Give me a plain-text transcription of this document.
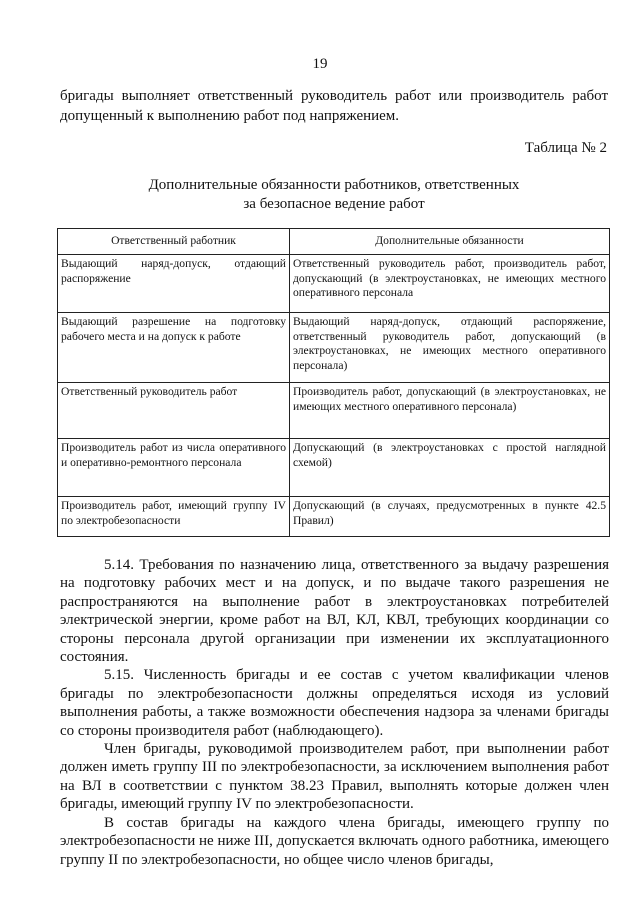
19
бригады выполняет ответственный руководитель работ или производитель работ допущенный к выполнению работ под напряжением.
Таблица № 2
Дополнительные обязанности работников, ответственных
за безопасное ведение работ
Ответственный работник	Дополнительные обязанности
Выдающий наряд-допуск, отдающий распоряжение	Ответственный руководитель работ, производитель работ, допускающий (в электроустановках, не имеющих местного оперативного персонала
Выдающий разрешение на подготовку рабочего места и на допуск к работе	Выдающий наряд-допуск, отдающий распоряжение, ответственный руководитель работ, допускающий (в электроустановках, не имеющих местного оперативного персонала)
Ответственный руководитель работ	Производитель работ, допускающий (в электроустановках, не имеющих местного оперативного персонала)
Производитель работ из числа оперативного и оперативно-ремонтного персонала	Допускающий (в электроустановках с простой наглядной схемой)
Производитель работ, имеющий группу IV по электробезопасности	Допускающий (в случаях, предусмотренных в пункте 42.5 Правил)

5.14. Требования по назначению лица, ответственного за выдачу разрешения на подготовку рабочих мест и на допуск, и по выдаче такого разрешения не распространяются на выполнение работ в электроустановках потребителей электрической энергии, кроме работ на ВЛ, КЛ, КВЛ, требующих координации со стороны персонала другой организации при изменении их эксплуатационного состояния.

5.15. Численность бригады и ее состав с учетом квалификации членов бригады по электробезопасности должны определяться исходя из условий выполнения работы, а также возможности обеспечения надзора за членами бригады со стороны производителя работ (наблюдающего).

Член бригады, руководимой производителем работ, при выполнении работ должен иметь группу III по электробезопасности, за исключением выполнения работ на ВЛ в соответствии с пунктом 38.23 Правил, выполнять которые должен член бригады, имеющий группу IV по электробезопасности.

В состав бригады на каждого члена бригады, имеющего группу по электробезопасности не ниже III, допускается включать одного работника, имеющего группу II по электробезопасности, но общее число членов бригады,
